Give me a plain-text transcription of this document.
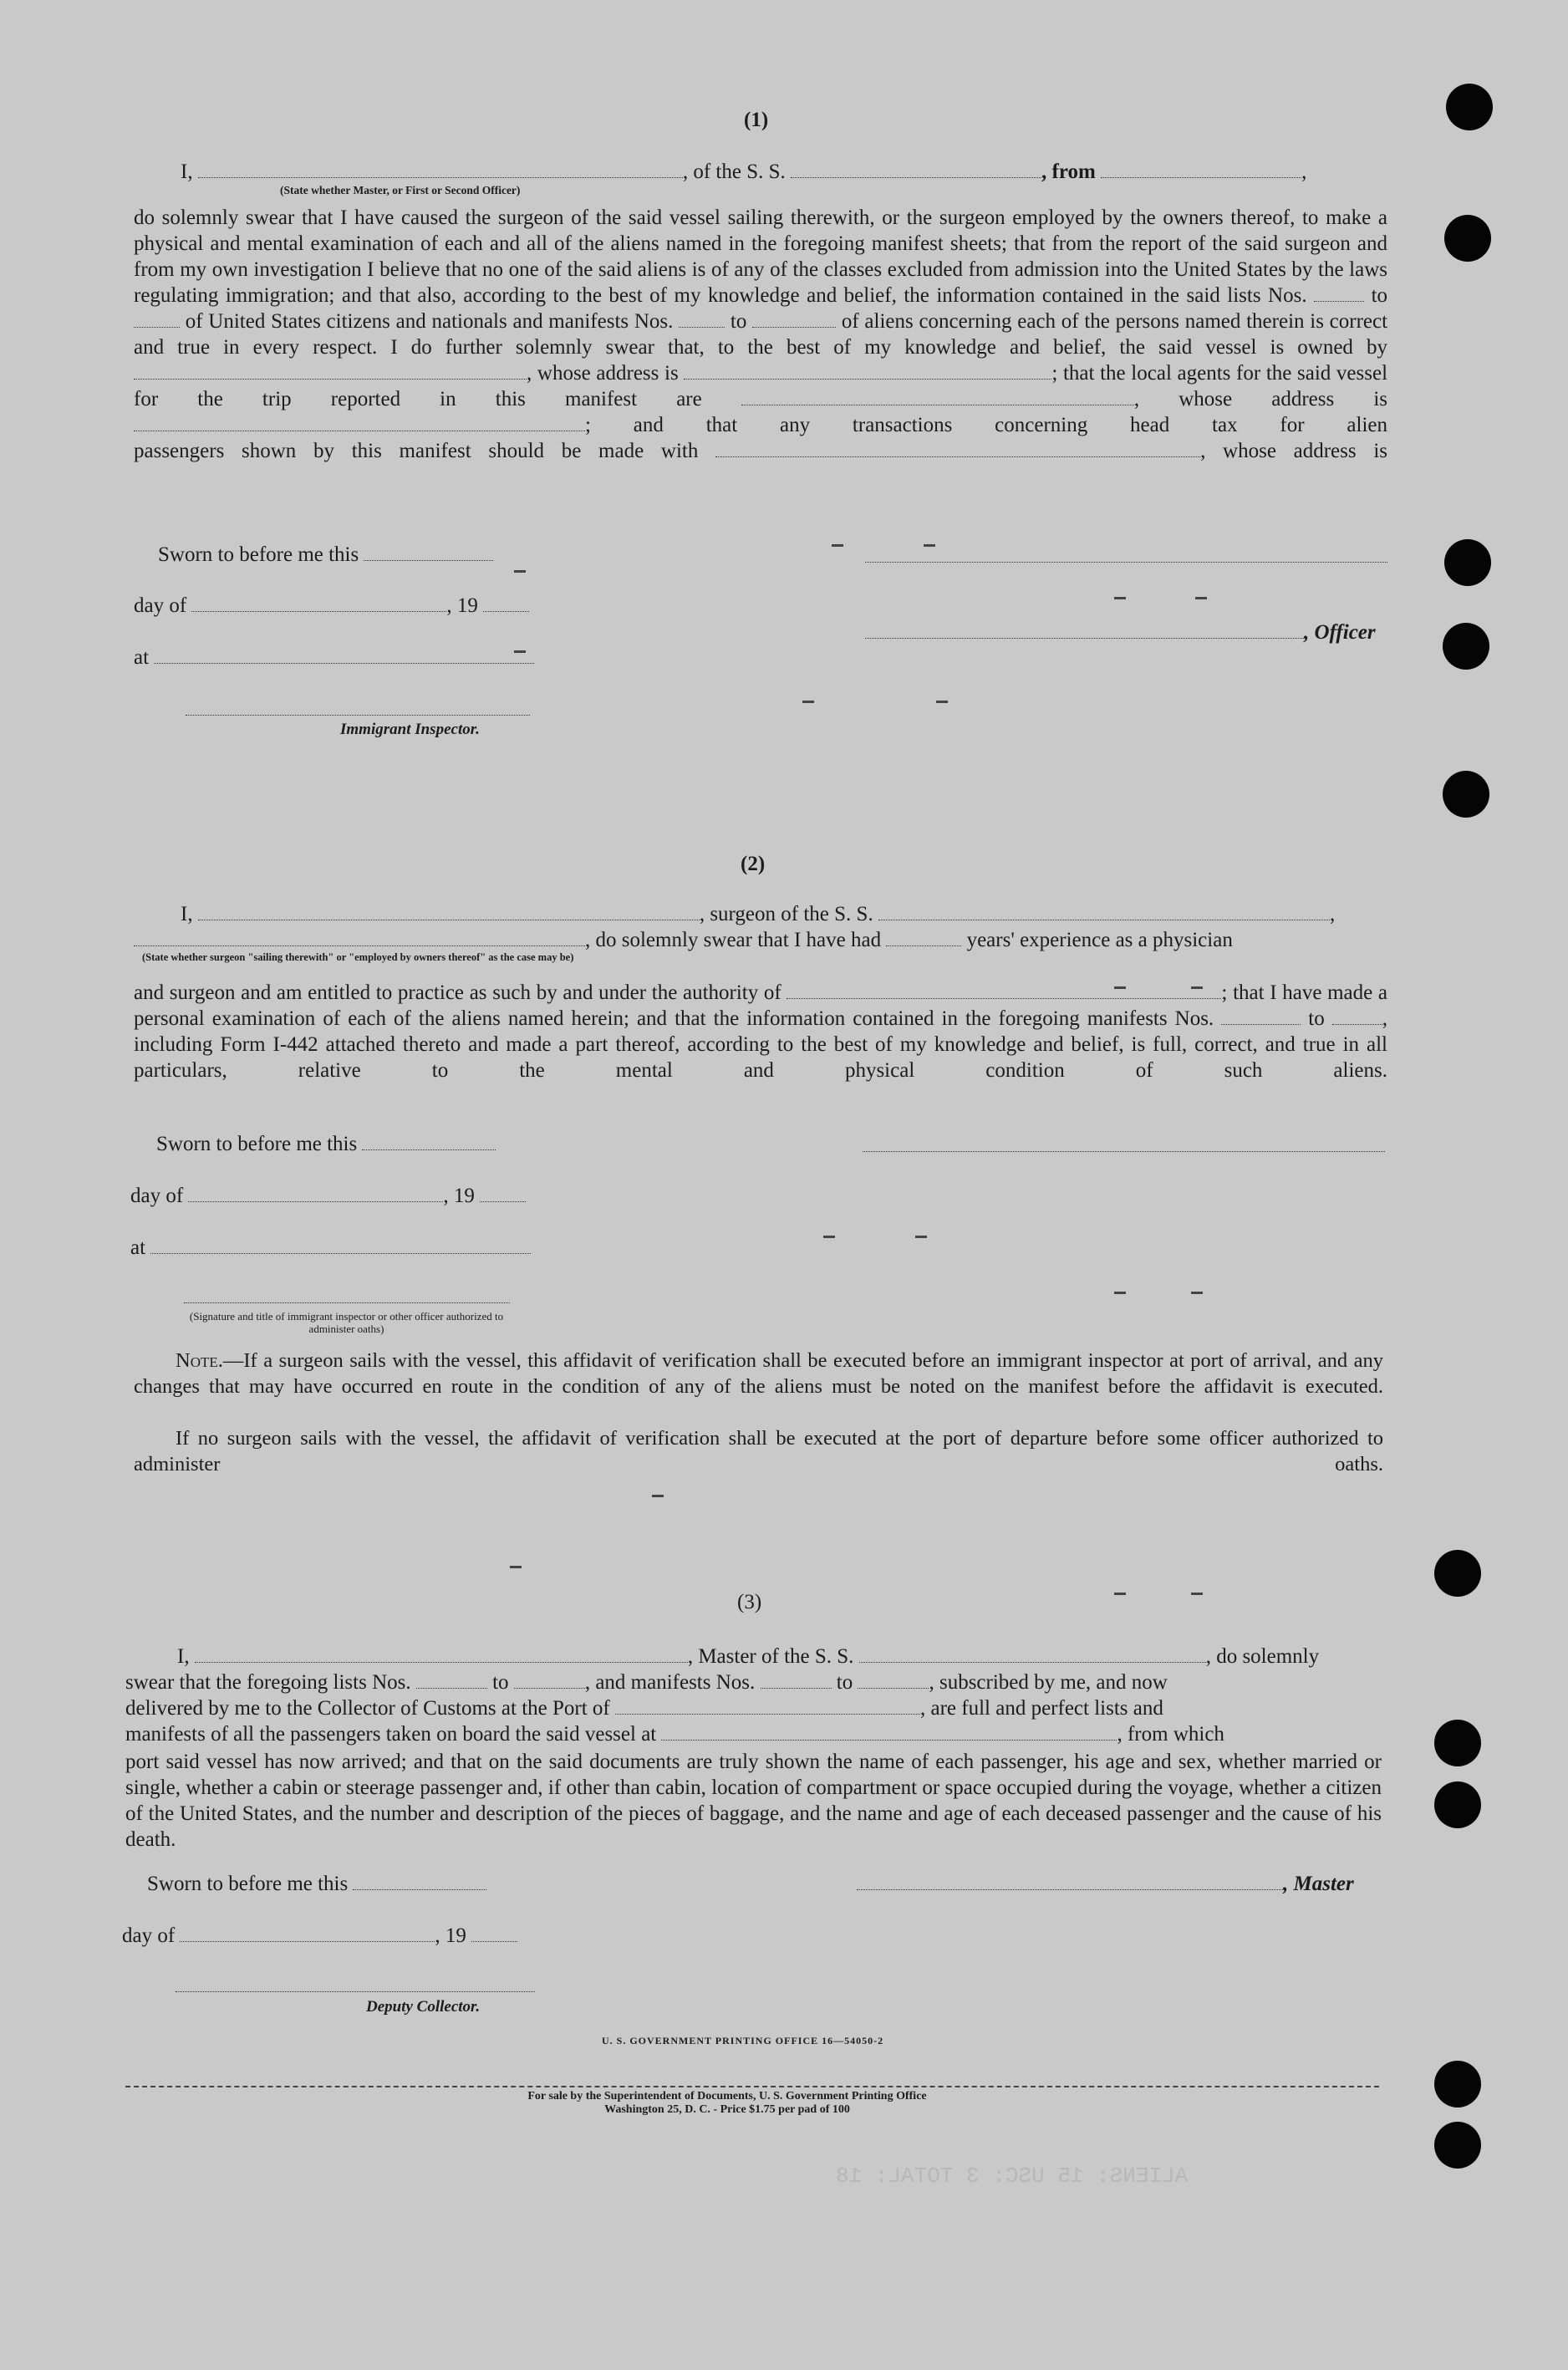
ALIENS: 15 USC: 3 TOTAL: 18
(1)
I,	, of the S. S.	, from	,
(State whether Master, or First or Second Officer)
do solemnly swear that I have caused the surgeon of the said vessel sailing therewith, or the surgeon employed by the owners thereof, to make a physical and mental examination of each and all of the aliens named in the foregoing manifest sheets; that from the report of the said surgeon and from my own investigation I believe that no one of the said aliens is of any of the classes excluded from admission into the United States by the laws regulating immigration; and that also, according to the best of my knowledge and belief, the information contained in the said lists Nos.	to  of United States citizens and nationals and manifests Nos.	to	of aliens concerning each of the persons named therein is correct and true in every respect. I do further solemnly swear that, to the best of my knowledge and belief, the said vessel is owned by , whose address is	; that the local agents for the said vessel for the trip reported in this manifest are	, whose address is ; and that any transactions concerning head tax for alien
passengers shown by this manifest should be made with	, whose address is
Sworn to before me this
day of	, 19
, Officer
at
Immigrant Inspector.
(2)
I,	, surgeon of the S. S.	,
, do solemnly swear that I have had	years' experience as a physician
(State whether surgeon "sailing therewith" or "employed by owners thereof" as the case may be)
and surgeon and am entitled to practice as such by and under the authority of	; that I have made a personal examination of each of the aliens named herein; and that the information contained in the foregoing manifests Nos.	to	, including Form I-442 attached thereto and made a part thereof, according to the best of my knowledge and belief, is full, correct, and true in all particulars, relative to the mental and physical condition of such aliens.
Sworn to before me this
day of	, 19
at
(Signature and title of immigrant inspector or other officer authorized to administer oaths)
Note.—If a surgeon sails with the vessel, this affidavit of verification shall be executed before an immigrant inspector at port of arrival, and any changes that may have occurred en route in the condition of any of the aliens must be noted on the manifest before the affidavit is executed.
If no surgeon sails with the vessel, the affidavit of verification shall be executed at the port of departure before some officer authorized to administer oaths.
(3)
I,	, Master of the S. S.	, do solemnly
swear that the foregoing lists Nos.	to	, and manifests Nos.	to	, subscribed by me, and now
delivered by me to the Collector of Customs at the Port of	, are full and perfect lists and
manifests of all the passengers taken on board the said vessel at	, from which
port said vessel has now arrived; and that on the said documents are truly shown the name of each passenger, his age and sex, whether married or single, whether a cabin or steerage passenger and, if other than cabin, location of compartment or space occupied during the voyage, whether a citizen of the United States, and the number and description of the pieces of baggage, and the name and age of each deceased passenger and the cause of his death.
Sworn to before me this	, Master
day of	, 19
Deputy Collector.
U. S. GOVERNMENT PRINTING OFFICE 16—54050-2
For sale by the Superintendent of Documents, U. S. Government Printing Office
Washington 25, D. C. - Price $1.75 per pad of 100
